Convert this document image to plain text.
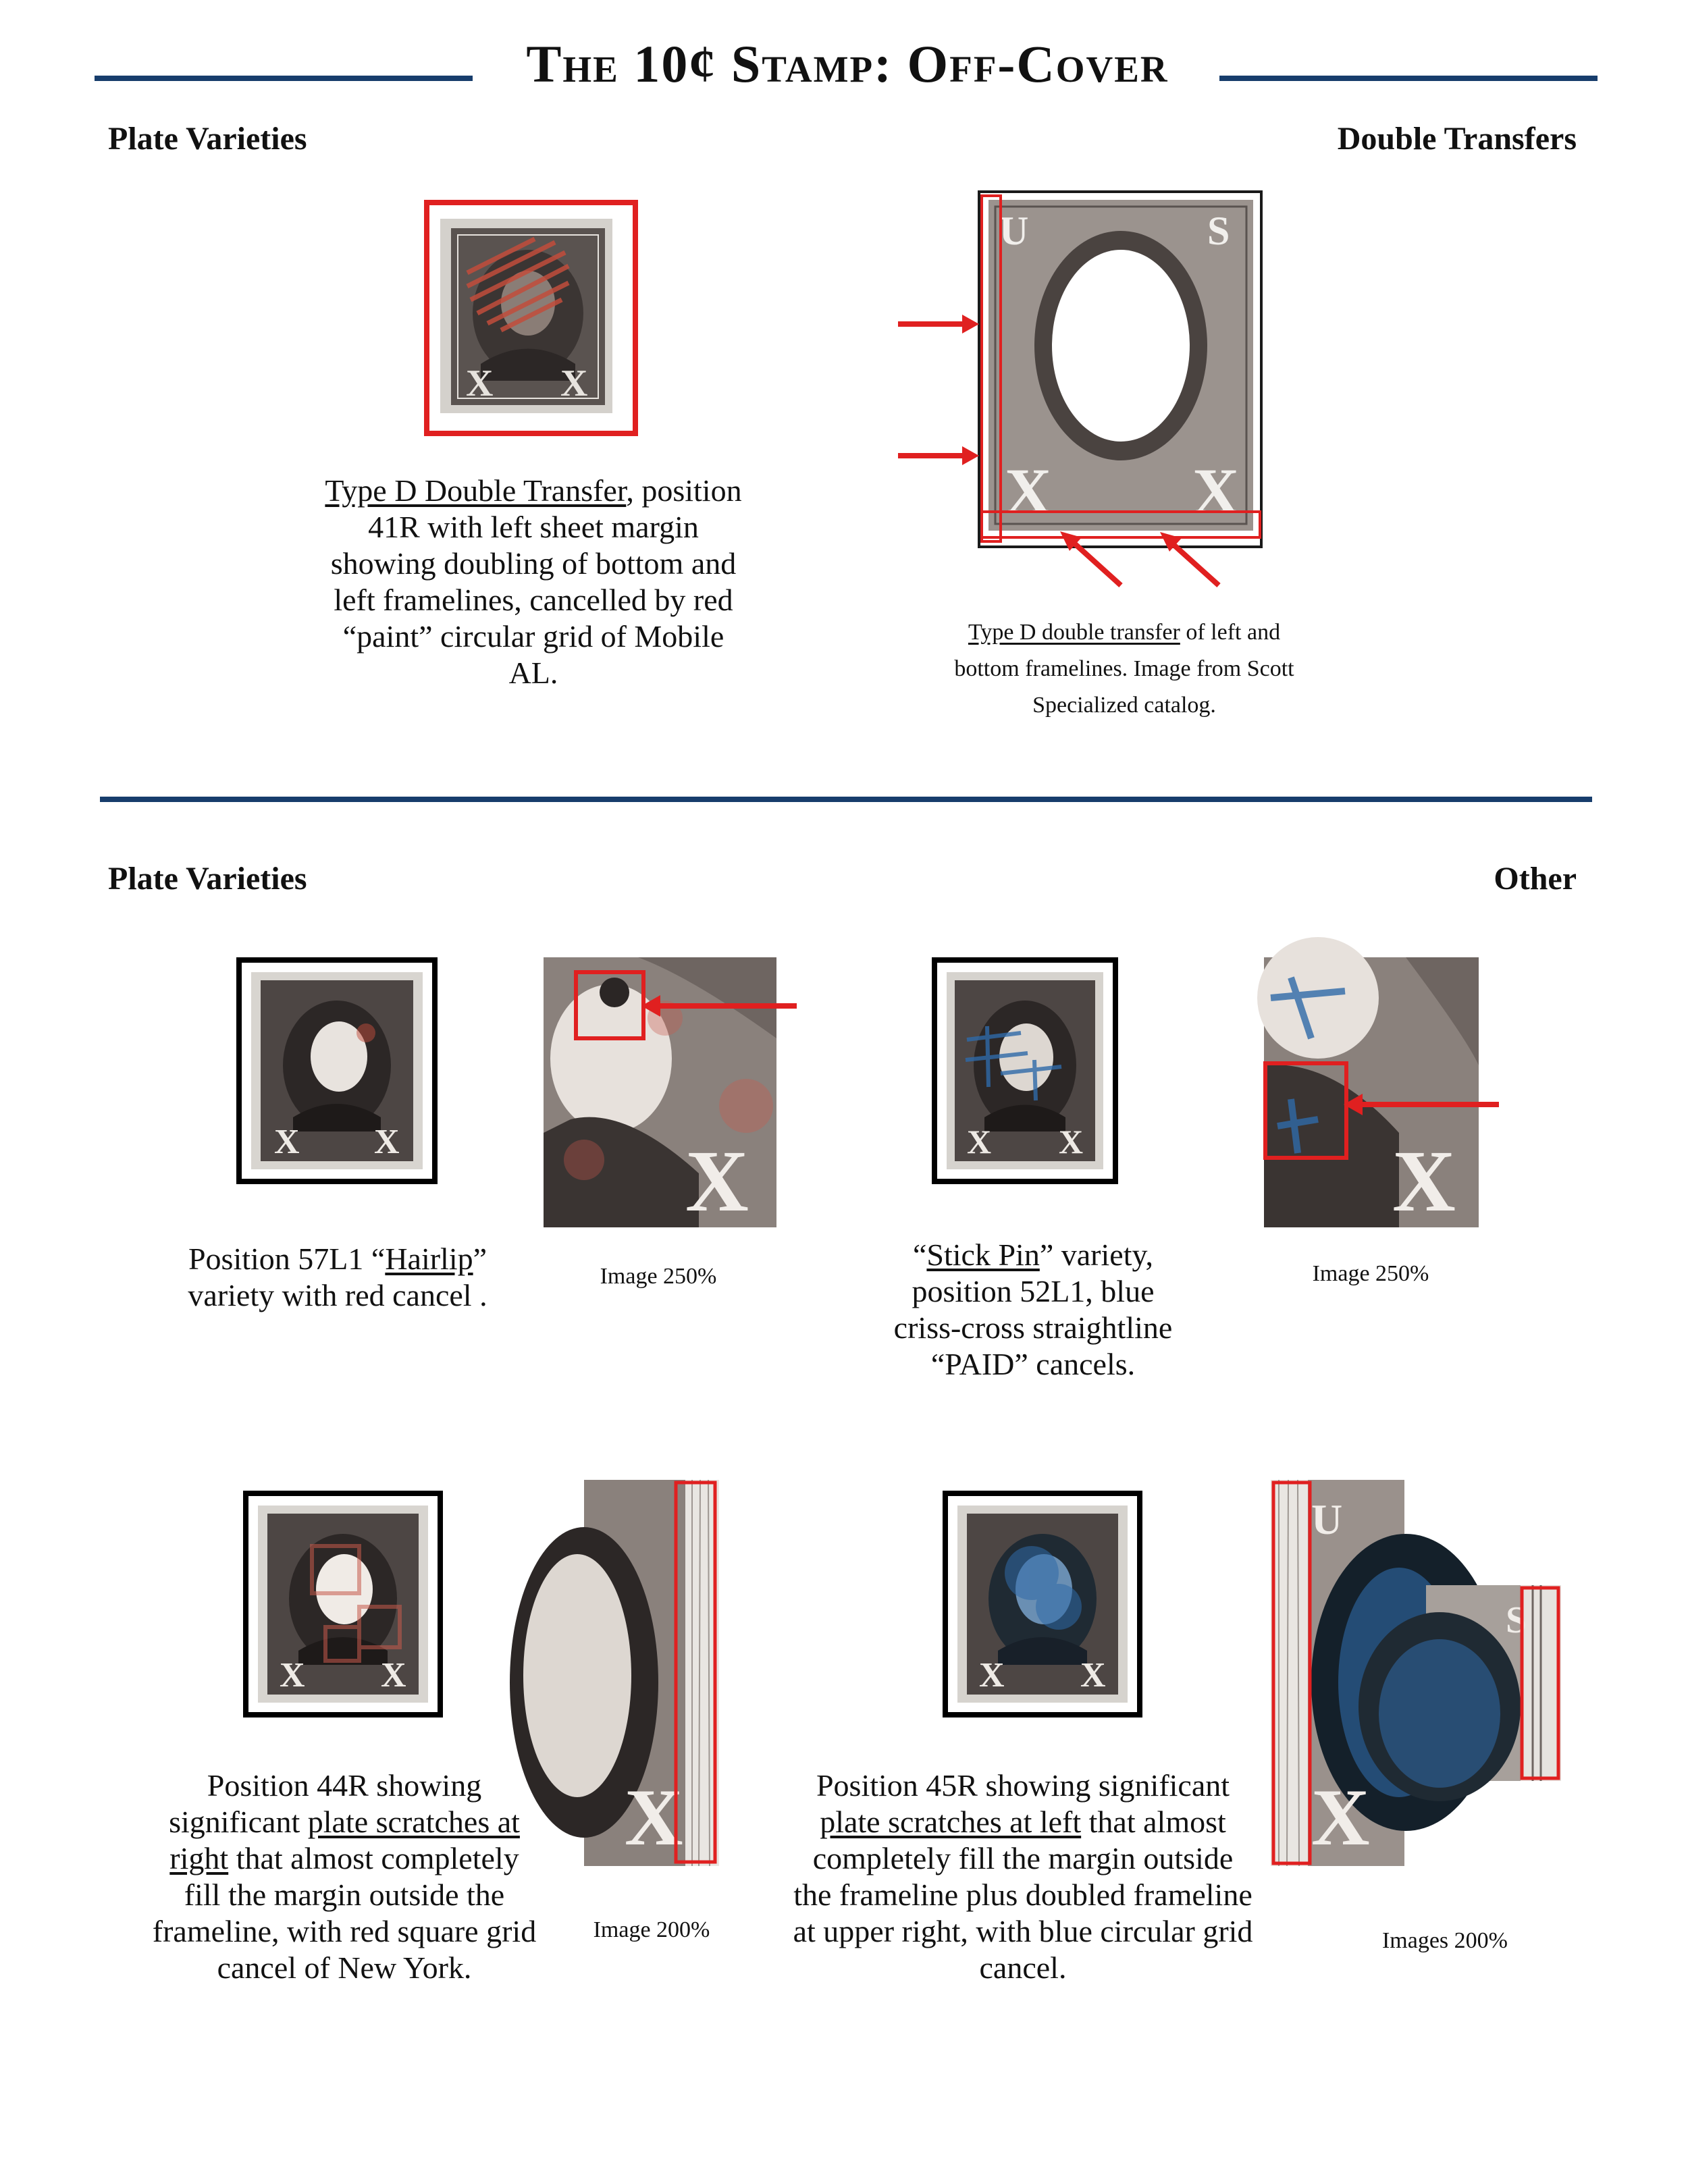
The 10¢ Stamp: Off-Cover
Plate Varieties	Double Transfers
X X
Type D Double Transfer, position 41R with left sheet margin showing doubling of bottom and left framelines, cancelled by red “paint” circular grid of Mobile AL.
U	S
X X
Type D double transfer of left and bottom framelines. Image from Scott Specialized catalog.
Plate Varieties	Other
X X	X
Position 57L1 “Hairlip” variety with red cancel .
Image 250%
X X	X
“Stick Pin” variety, position 52L1, blue criss-cross straightline “PAID” cancels.
Image 250%
X X
X
Position 44R showing significant plate scratches at right that almost completely fill the margin outside the frameline, with red square grid cancel of New York.
Image 200%
X X
U
X
S
Position 45R showing significant plate scratches at left that almost completely fill the margin outside the frameline plus doubled frameline at upper right, with blue circular grid cancel.
Images 200%
